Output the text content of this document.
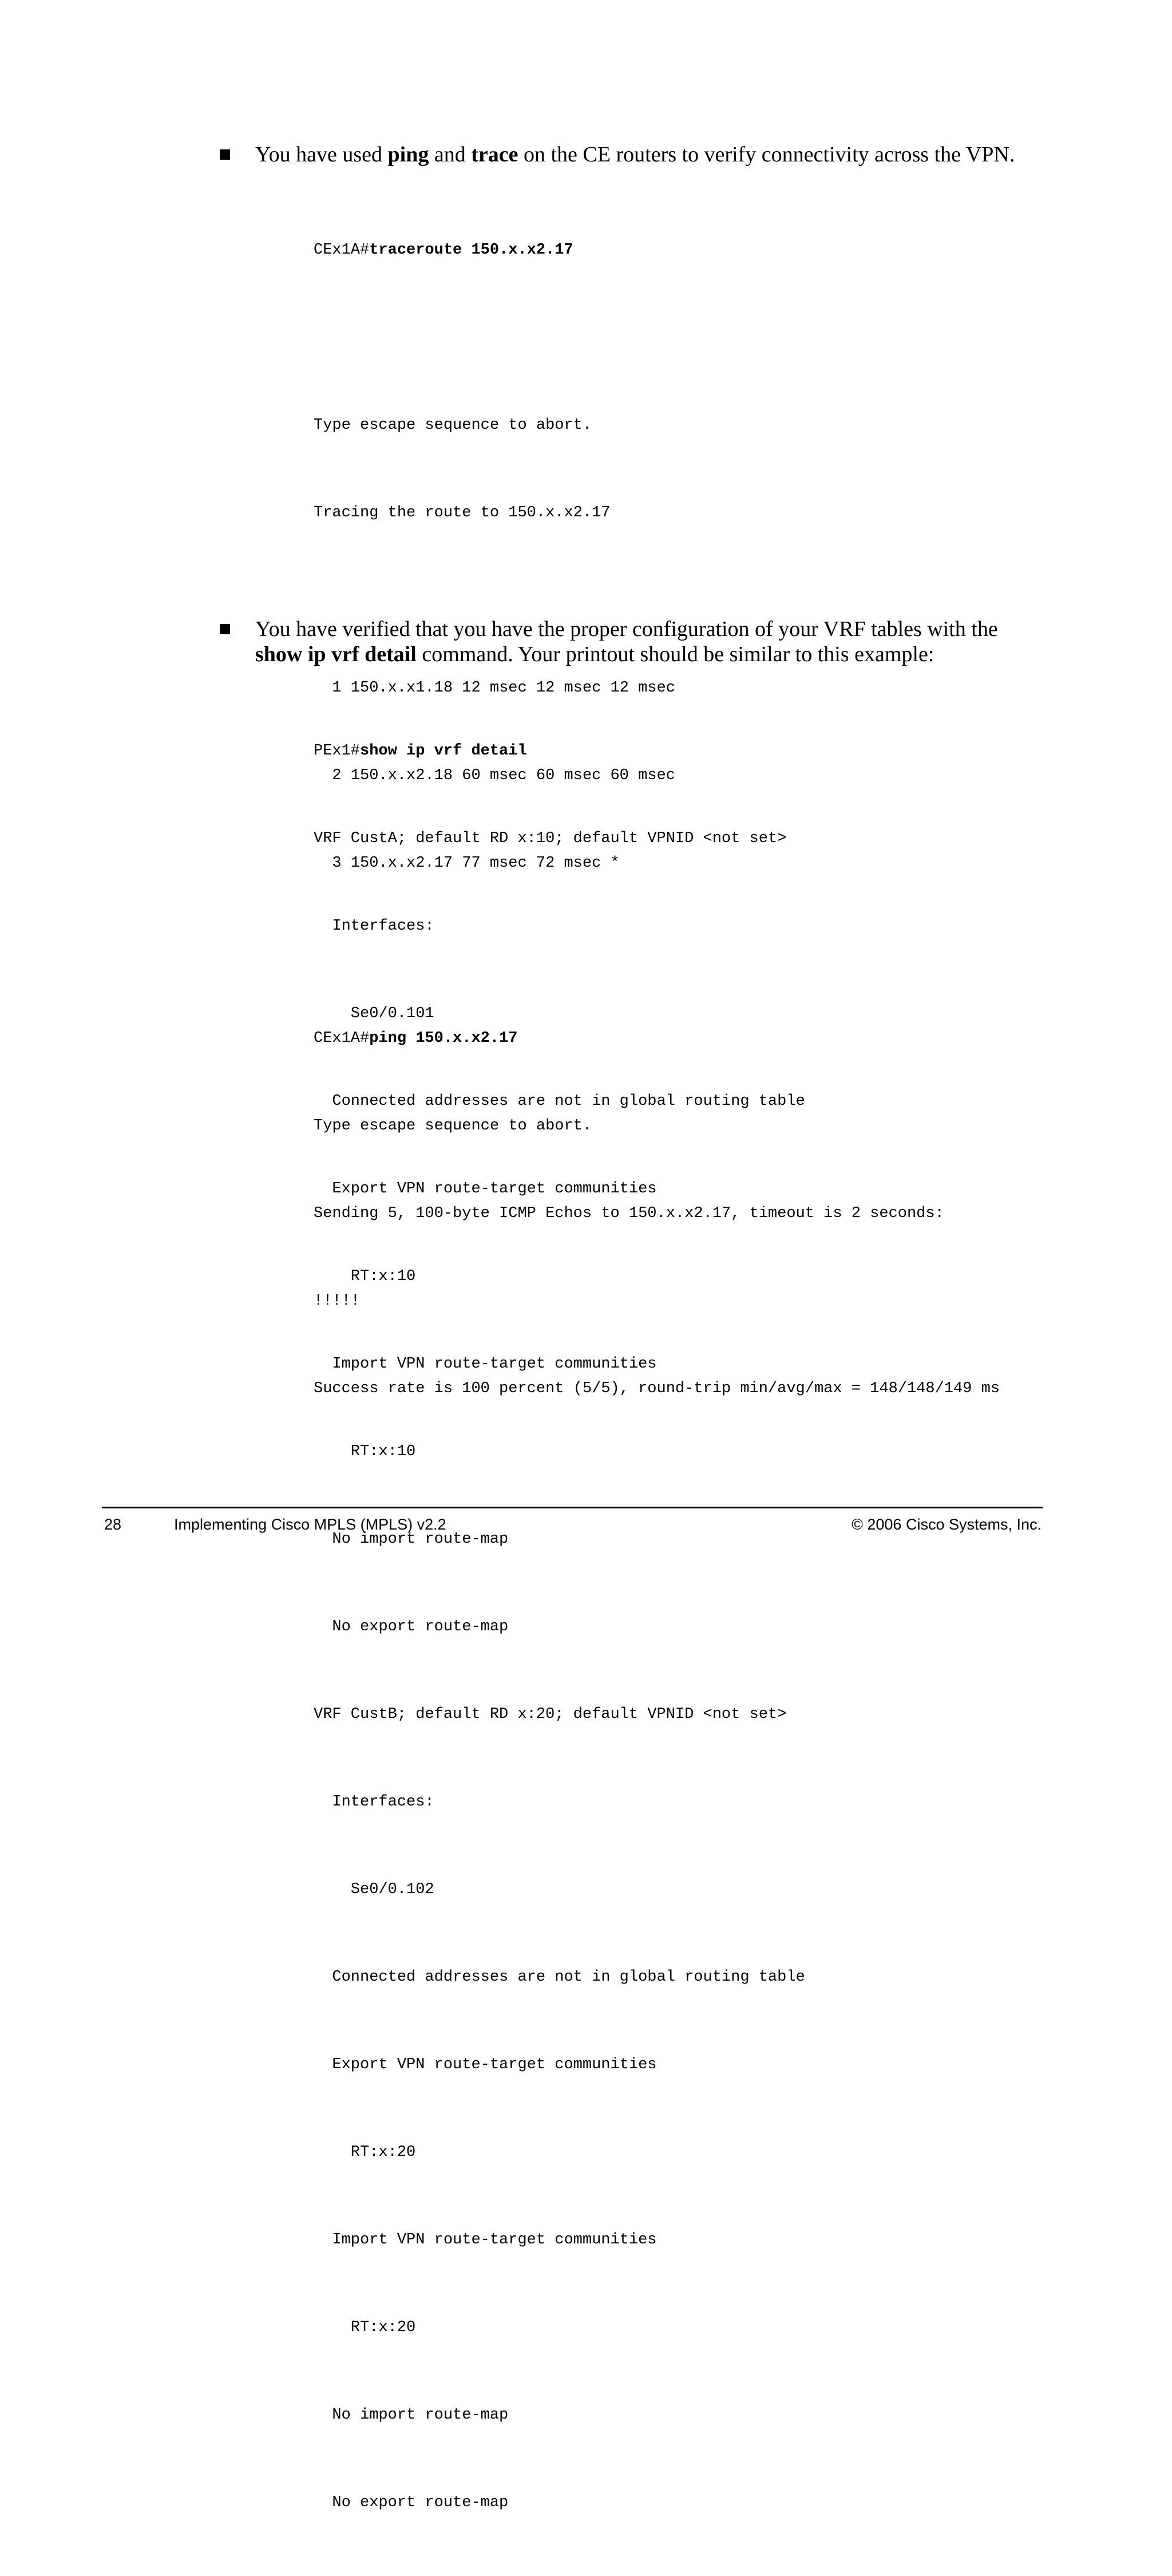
You have used ping and trace on the CE routers to verify connectivity across the VPN.

CEx1A#traceroute 150.x.x2.17

Type escape sequence to abort.

Tracing the route to 150.x.x2.17

1 150.x.x1.18 12 msec 12 msec 12 msec

2 150.x.x2.18 60 msec 60 msec 60 msec

3 150.x.x2.17 77 msec 72 msec *

CEx1A#ping 150.x.x2.17

Type escape sequence to abort.

Sending 5, 100-byte ICMP Echos to 150.x.x2.17, timeout is 2 seconds:

!!!!!

Success rate is 100 percent (5/5), round-trip min/avg/max = 148/148/149 ms

You have verified that you have the proper configuration of your VRF tables with the show ip vrf detail command. Your printout should be similar to this example:

PEx1#show ip vrf detail

VRF CustA; default RD x:10; default VPNID <not set>

Interfaces:

Se0/0.101

Connected addresses are not in global routing table

Export VPN route-target communities

RT:x:10

Import VPN route-target communities

RT:x:10

No import route-map

No export route-map

VRF CustB; default RD x:20; default VPNID <not set>

Interfaces:

Se0/0.102

Connected addresses are not in global routing table

Export VPN route-target communities

RT:x:20

Import VPN route-target communities

RT:x:20

No import route-map

No export route-map

28	Implementing Cisco MPLS (MPLS) v2.2	© 2006 Cisco Systems, Inc.
